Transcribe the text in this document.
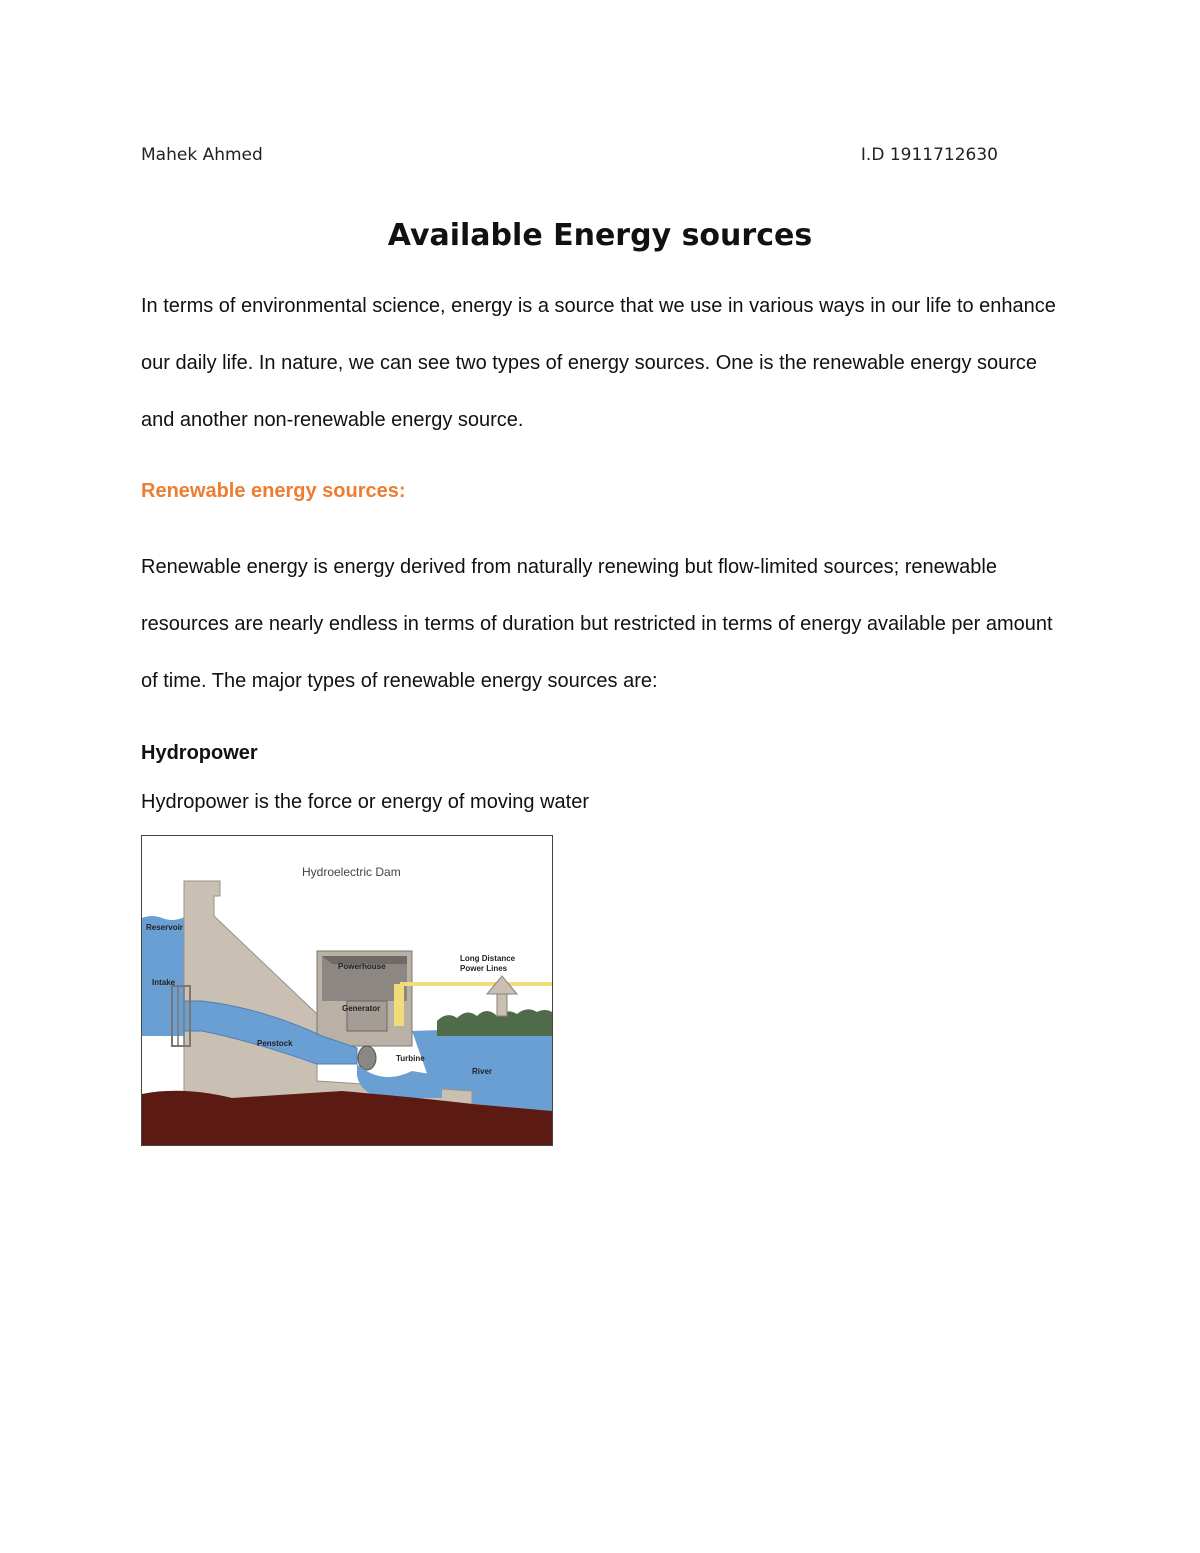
Mahek Ahmed	I.D 1911712630
Available Energy sources

In terms of environmental science, energy is a source that we use in various ways in our life to enhance our daily life. In nature, we can see two types of energy sources. One is the renewable energy source and another non-renewable energy source.

Renewable energy sources:

Renewable energy is energy derived from naturally renewing but flow-limited sources; renewable resources are nearly endless in terms of duration but restricted in terms of energy available per amount of time. The major types of renewable energy sources are:

Hydropower
Hydropower is the force or energy of moving water
Hydroelectric Dam
Reservoir
Intake
Powerhouse
Generator
Penstock
Turbine
River
Long Distance
Power Lines
